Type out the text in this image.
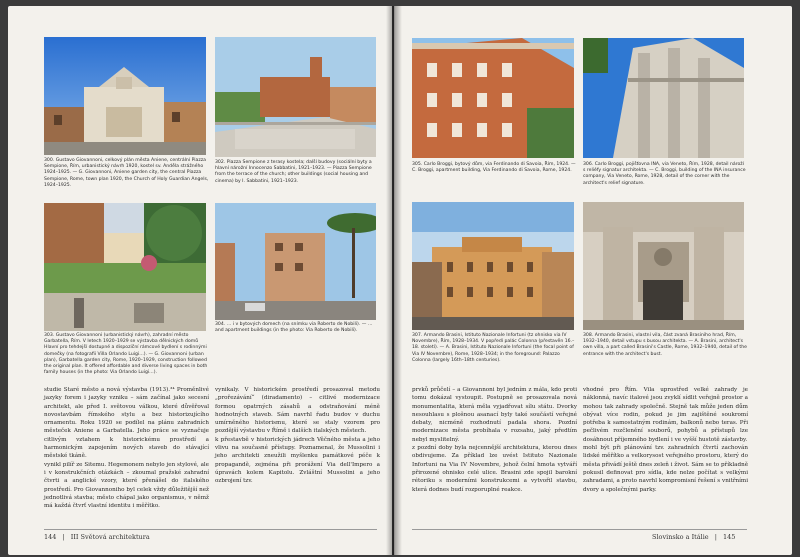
300. Gustavo Giovannoni, celkový plán města Aniene, centrální Piazza Sempione, Řím, urbanistický návrh 1920, kostel sv. Anděla strážného 1924–1925. — G. Giovannoni, Aniene garden city, the central Piazza Sempione, Rome, town plan 1920, the Church of Holy Guardian Angels, 1924–1925.
302. Piazza Sempione z terasy kostela; další budovy (sociální byty a hlavní nárožní Innocenzo Sabbatini, 1921–1923. — Piazza Sempione from the terrace of the church; other buildings (social housing and cinema) by I. Sabbatini, 1921–1923.
303. Gustavo Giovannoni (urbanistický návrh), zahradní město Garbatella, Řím. V letech 1920–1929 se výstavba dělnických domů Hlavní pro tehdejší dostupné a dispoziční rámcové bydlení s rodinnými domečky (na fotografii Villa Orlando Luigi…). — G. Giovannoni (urban plan), Garbatella garden city, Rome, 1920–1929, construction followed the original plan. It offered affordable and diverse living spaces in both family houses (in the photo: Via Orlando Luigi…).
304. … i v bytových domech (na snímku via Roberto de Nobili). — … and apartment buildings (in the photo: Via Roberto de Nobili).

studie Staré město a nová výstavba (1913).³⁴ Proměnlivé jazyky forem i jazyky vzniku – sám začínal jako secesní architekt, ale před I. světovou válkou, které důvěřoval novostavbám římského stylu a bez historizujícího ornamentu. Roku 1920 se podílel na plánu zahradních městeček Aniene a Garbatella. Jeho práce se vyznačuje citlivým vztahem k historickému prostředí a harmonickým zapojením nových staveb do stávající městské tkáně.

vynikl pilíř ze Sitemu. Hegemonem nebylo jen stylové, ale i v konstrukčních otázkách – zkoumal pražské zahradní čtvrti a anglické vzory, které přenášel do italského prostředí. Pro Giovannoniho byl celek vždy důležitější než jednotlivá stavba; město chápal jako organismus, v němž má každá čtvrť vlastní identitu i měřítko.

vynikaly. V historickém prostředí prosazoval metodu „prořezávání“ (diradamento) – citlivé modernizace formou opatrných zásahů a odstraňování méně hodnotných staveb. Sám navrhl řadu budov v duchu umírněného historismu, které se staly vzorem pro pozdější výstavbu v Římě i dalších italských městech.

k přestavbě v historických jádrech Věčného města a jeho vlivu na současné přístupy. Poznamenal, že Mussolini i jeho architekti zneužili myšlenku památkové péče k propagandě, zejména při prorážení Via dell'Impero a úpravách kolem Kapitolu. Zvláštní Mussolini a jeho ozbrojení tzv.

144 | III Světová architektura
305. Carlo Broggi, bytový dům, via Ferdinando di Savoia, Řím, 1924. — C. Broggi, apartment building, Via Ferdinando di Savoia, Rome, 1924.
306. Carlo Broggi, pojišťovna INA, via Veneto, Řím, 1928, detail nároží s reliéfy signatur architekta. — C. Broggi, building of the INA insurance company, Via Veneto, Rome, 1928, detail of the corner with the architect's relief signature.
307. Armando Brasini, Istituto Nazionale Infortuni (tz ohnisko via IV Novembre), Řím, 1928–1934. V popředí palác Colonna (přestavěn 16.–18. století). — A. Brasini, Istituto Nazionale Infortuni (the focal point of Via IV Novembre), Rome, 1928–1934; in the foreground: Palazzo Colonna (largely 16th–18th centuries).
308. Armando Brasini, vlastní vila, část zvaná Brasiniho hrad, Řím, 1932–1940, detail vstupu s busou architekta. — A. Brasini, architect's own villa, a part called Brasini's Castle, Rome, 1932–1940, detail of the entrance with the architect's bust.

prvků průčelí – a Giovannoni byl jedním z mála, kdo proti tomu dokázal vystoupit. Postupně se prosazovala nová monumentalita, která měla vyjadřovat sílu státu. Dvorky nesouhlasu s plošnou asanací byly také součástí veřejné debaty, nicméně rozhodnutí padala shora. Pozdní modernizace města probíhala v rozsahu, jaký předtím nebyl myslitelný.

z pozdní doby byla nejcennější architektura, kterou dnes obdivujeme. Za příklad lze uvést Istituto Nazionale Infortuni na Via IV Novembre, jehož čelní hmota vytváří přirozené ohnisko celé ulice. Brasini zde spojil barokní rétoriku s moderními konstrukcemi a vytvořil stavbu, která dodnes budí rozporuplné reakce.

vhodné pro Řím. Vila uprostřed velké zahrady je náklonná, navíc italové jsou zvyklí sídlit veřejně prostor a mohou tak zahrady společně. Stejně tak může jeden dům obývat více rodin, pokud je jim zajištěné soukromí potřeba k samostatným rodinám, balkonů nebo teras. Při pečlivém rozčlenění souborů, pohybů a přístupů lze dosáhnout příjemného bydlení i ve vyšší hustotě zástavby.

mohl být při plánování tzv. zahradních čtvrtí zachován lidské měřítko a velkorysost veřejného prostoru, který do města přivádí ještě dnes zeleň i život. Sám se to příkladně pokusil definovat pro sídla, kde nelze počítat s velkými zahradami, a proto navrhl kompromisní řešení s vnitřními dvory a společnými parky.

Slovinsko a Itálie | 145
